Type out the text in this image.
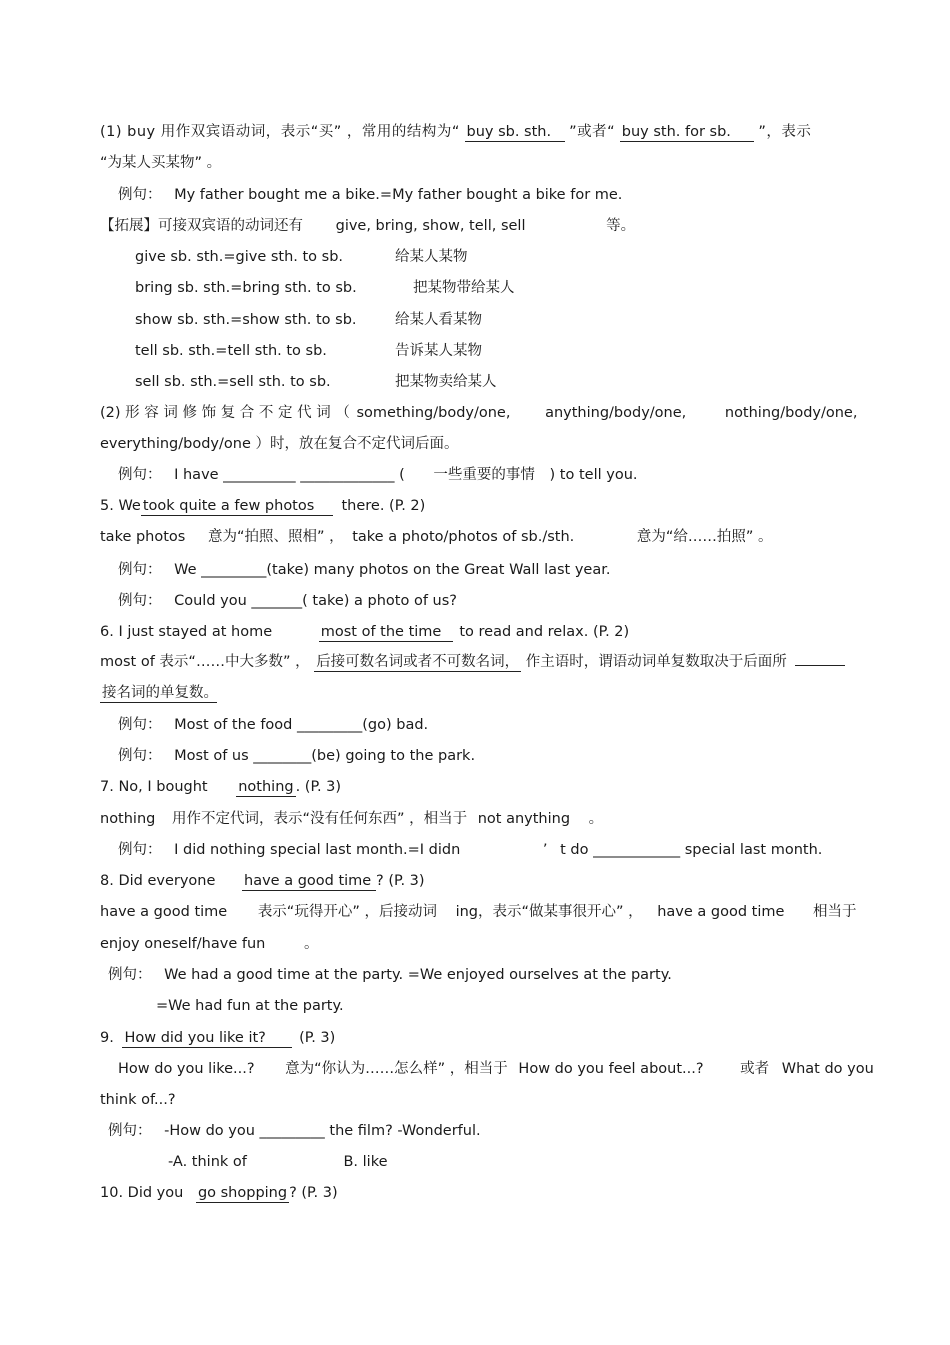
(1) buy 用作双宾语动词，表示“买” ，常用的结构为“ buy sb. sth. ”或者“ buy sth. for sb. ”，表示
“为某人买某物” 。
例句： My father bought me a bike.=My father bought a bike for me.
【拓展】可接双宾语的动词还有 give, bring, show, tell, sell	等。
give sb. sth.=give sth. to sb.	给某人某物
bring sb. sth.=bring sth. to sb.	把某物带给某人
show sb. sth.=show sth. to sb.	给某人看某物
tell sb. sth.=tell sth. to sb.	告诉某人某物
sell sb. sth.=sell sth. to sb.	把某物卖给某人
(2) 形 容 词 修 饰 复 合 不 定 代 词 （ something/body/one, anything/body/one,	nothing/body/one,
everything/body/one ）时，放在复合不定代词后面。
例句： I have __________ _____________ ( 一些重要的事情 ) to tell you.
5. We took quite a few photos there. (P. 2)
take photos 意为“拍照、照相” ， take a photo/photos of sb./sth.	意为“给……拍照” 。
例句： We _________(take) many photos on the Great Wall last year.
例句： Could you _______( take) a photo of us?
6. I just stayed at home	most of the time to read and relax. (P. 2)
most of 表示“……中大多数” ， 后接可数名词或者不可数名词， 作主语时，谓语动词单复数取决于后面所
接名词的单复数。
例句： Most of the food _________(go) bad.
例句： Most of us ________(be) going to the park.
7. No, I bought nothing . (P. 3)
nothing 用作不定代词，表示“没有任何东西” ，相当于 not anything 。
例句： I did nothing special last month.=I didn	’ t do ____________ special last month.
8. Did everyone have a good time ? (P. 3)
have a good time 表示“玩得开心” ，后接动词 ing，表示“做某事很开心” ， have a good time 相当于
enjoy oneself/have fun	。
例句： We had a good time at the party. =We enjoyed ourselves at the party.
=We had fun at the party.
9. How did you like it? (P. 3)
How do you like...? 意为“你认为……怎么样” ，相当于 How do you feel about...?	或者 What do you
think of...?
例句： -How do you _________ the film? -Wonderful.
-A. think of	B. like
10. Did you go shopping ? (P. 3)
